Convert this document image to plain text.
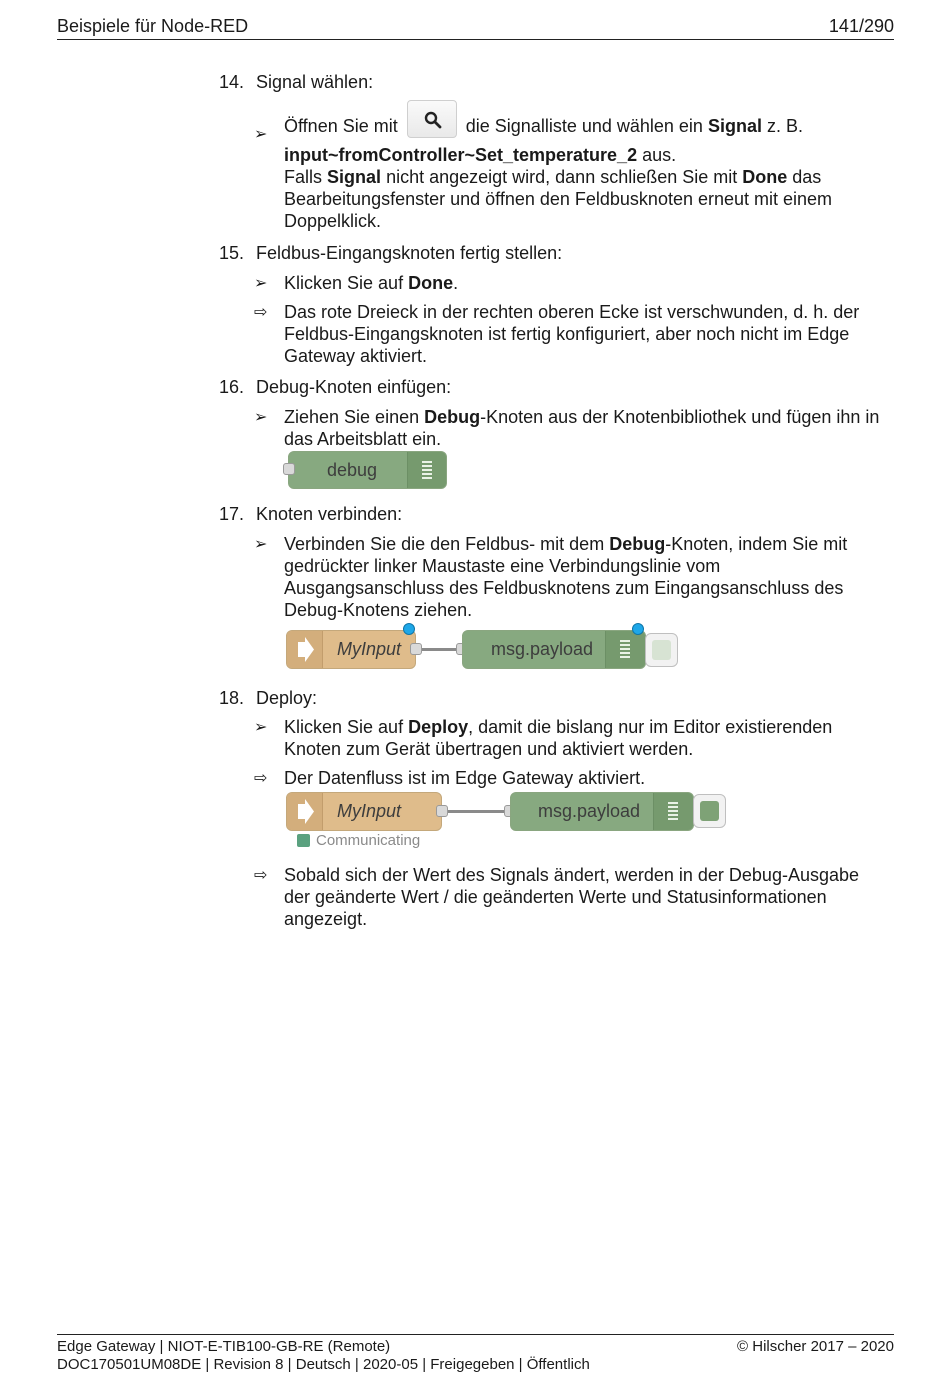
Beispiele für Node-RED	141/290
14. Signal wählen:
➢ Öffnen Sie mit	die Signalliste und wählen ein Signal z. B.
input~fromController~Set_temperature_2 aus.
Falls Signal nicht angezeigt wird, dann schließen Sie mit Done das
Bearbeitungsfenster und öffnen den Feldbusknoten erneut mit einem
Doppelklick.
15. Feldbus-Eingangsknoten fertig stellen:
➢ Klicken Sie auf Done.
⇨ Das rote Dreieck in der rechten oberen Ecke ist verschwunden, d. h. der Feldbus-Eingangsknoten ist fertig konfiguriert, aber noch nicht im Edge Gateway aktiviert.
16. Debug-Knoten einfügen:
➢ Ziehen Sie einen Debug-Knoten aus der Knotenbibliothek und fügen ihn in das Arbeitsblatt ein.
debug
17. Knoten verbinden:
➢ Verbinden Sie die den Feldbus- mit dem Debug-Knoten, indem Sie mit gedrückter linker Maustaste eine Verbindungslinie vom Ausgangsanschluss des Feldbusknotens zum Eingangsanschluss des Debug-Knotens ziehen.
MyInput	msg.payload
18. Deploy:
➢ Klicken Sie auf Deploy, damit die bislang nur im Editor existierenden Knoten zum Gerät übertragen und aktiviert werden.
⇨ Der Datenfluss ist im Edge Gateway aktiviert.
MyInput	msg.payload
Communicating
⇨ Sobald sich der Wert des Signals ändert, werden in der Debug-Ausgabe der geänderte Wert / die geänderten Werte und Statusinformationen angezeigt.
Edge Gateway | NIOT-E-TIB100-GB-RE (Remote)
DOC170501UM08DE | Revision 8 | Deutsch | 2020-05 | Freigegeben | Öffentlich
© Hilscher 2017 – 2020
